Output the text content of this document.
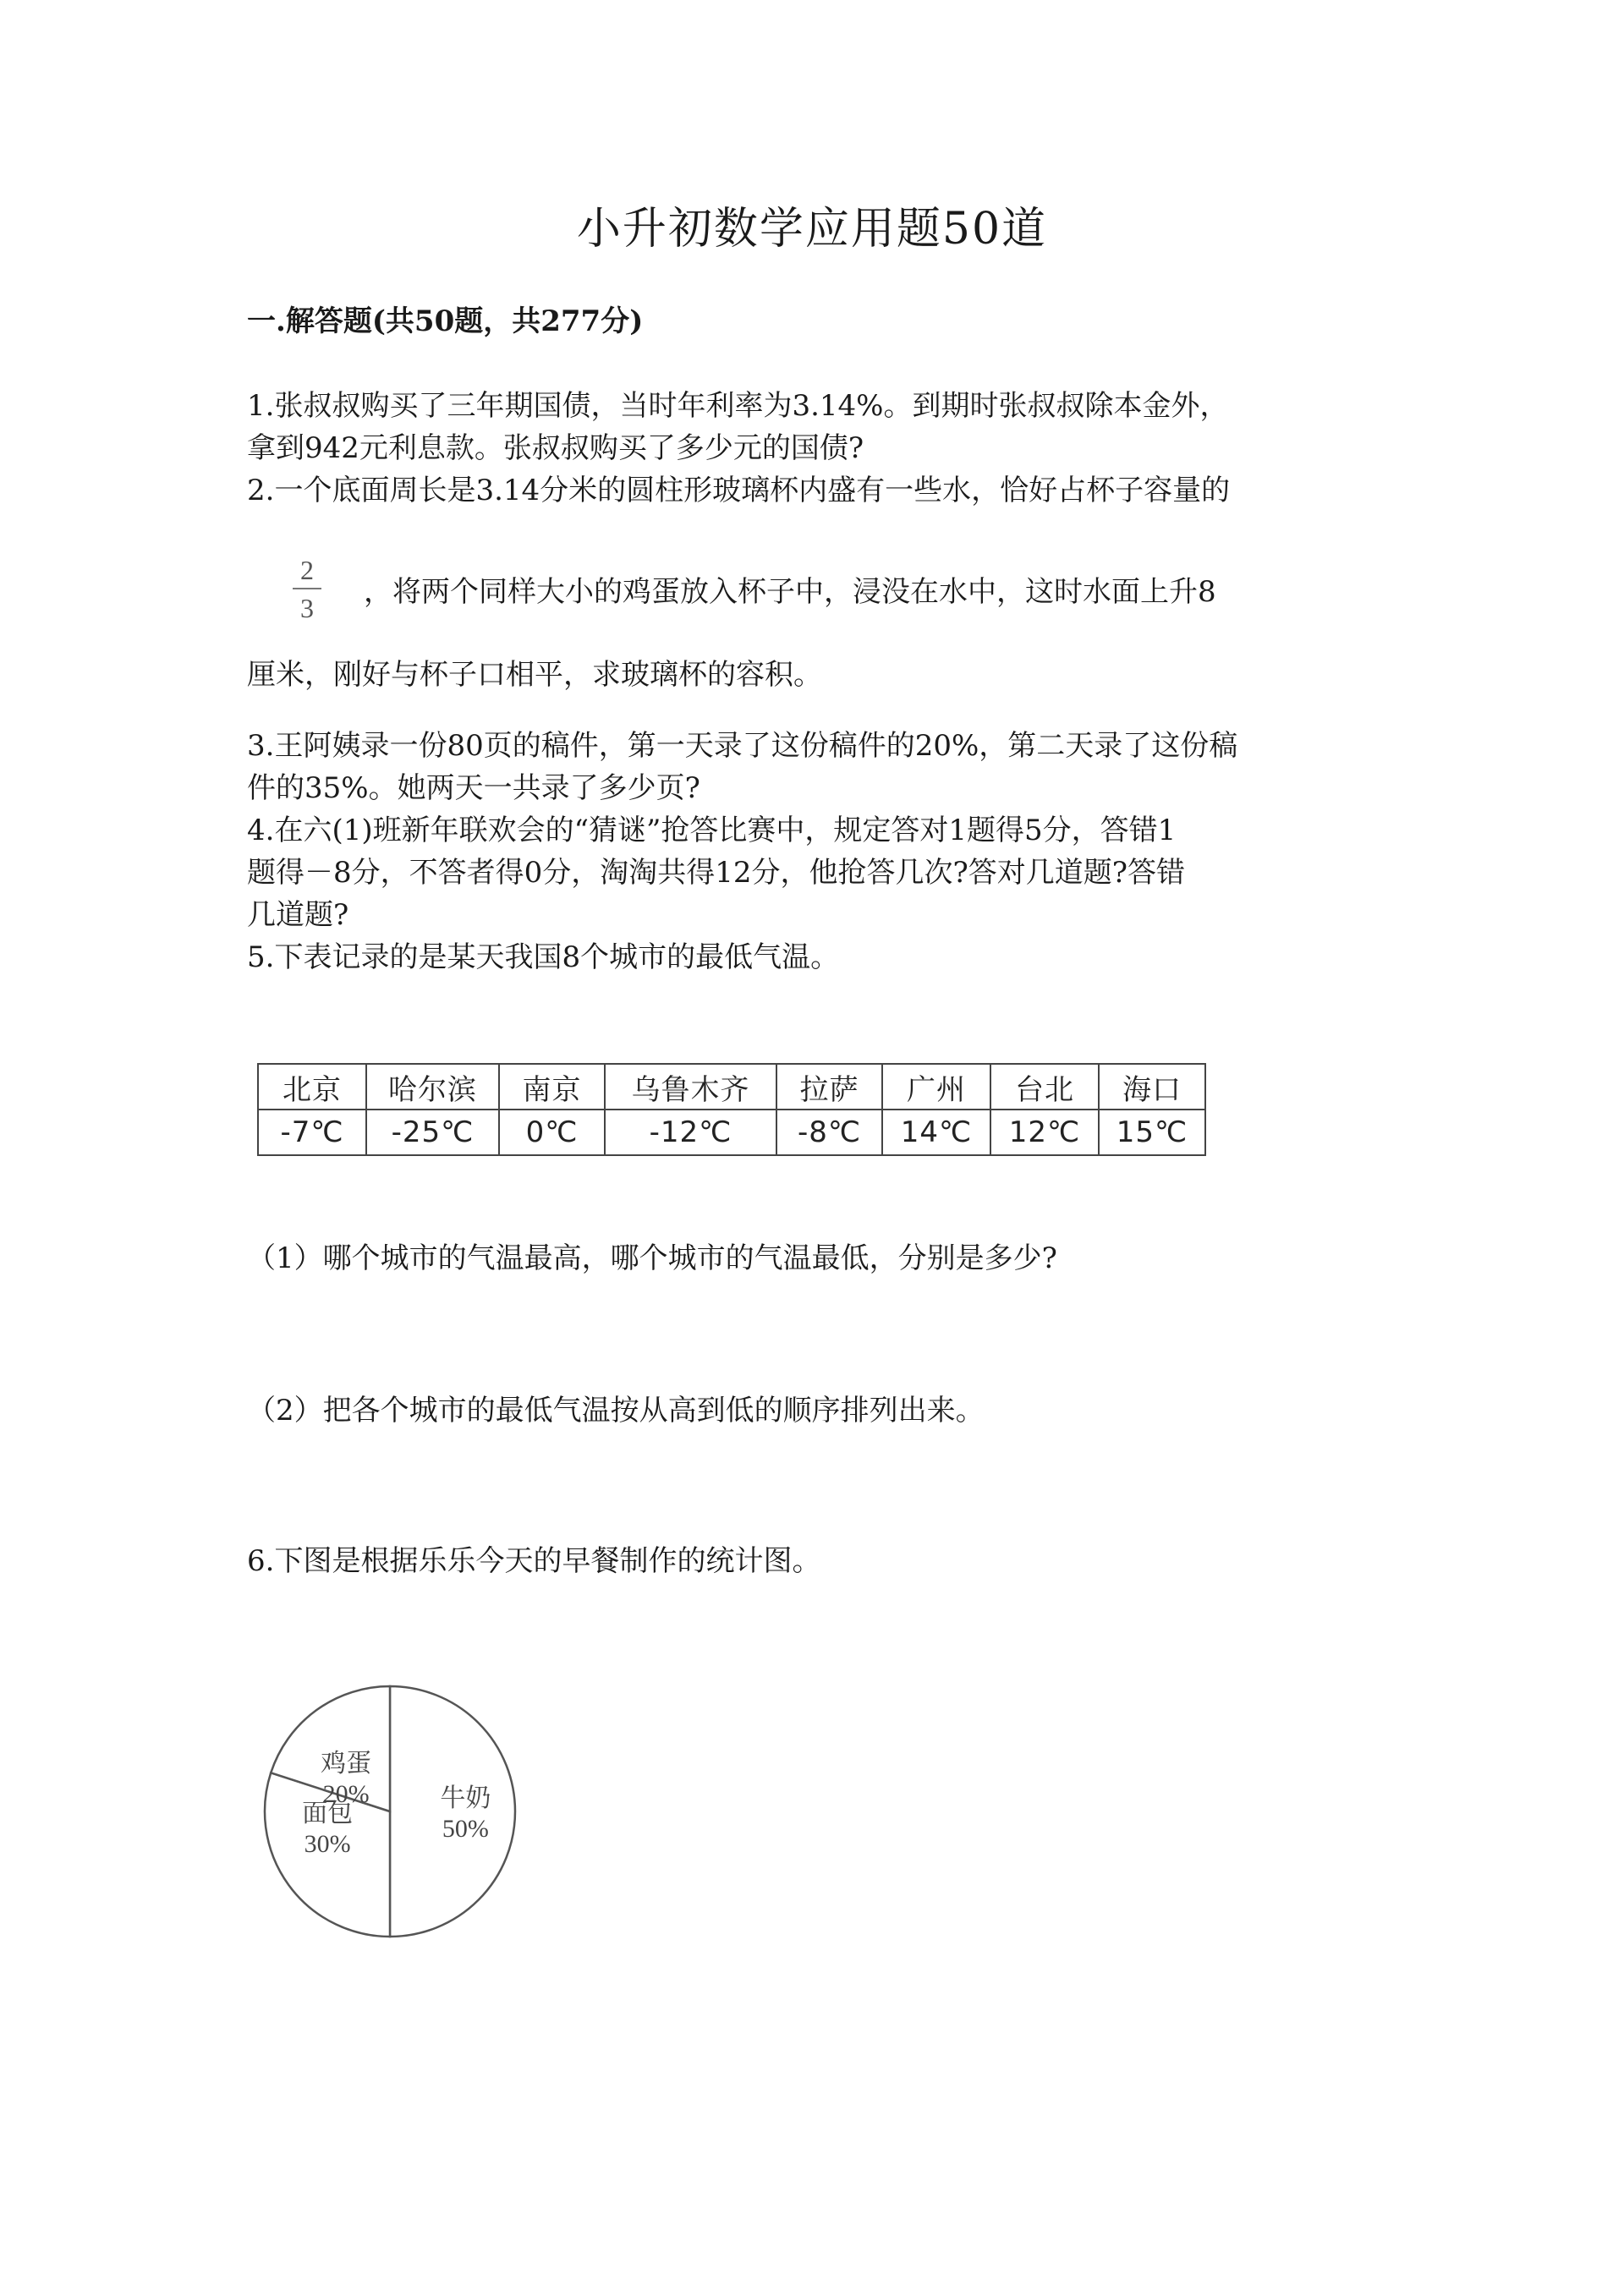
小升初数学应用题50道
一.解答题(共50题，共277分)
1.张叔叔购买了三年期国债，当时年利率为3.14%。到期时张叔叔除本金外，
拿到942元利息款。张叔叔购买了多少元的国债?
2.一个底面周长是3.14分米的圆柱形玻璃杯内盛有一些水，恰好占杯子容量的
2
3 ，将两个同样大小的鸡蛋放入杯子中，浸没在水中，这时水面上升8
厘米，刚好与杯子口相平，求玻璃杯的容积。
3.王阿姨录一份80页的稿件，第一天录了这份稿件的20%，第二天录了这份稿
件的35%。她两天一共录了多少页?
4.在六(1)班新年联欢会的“猜谜”抢答比赛中，规定答对1题得5分，答错1
题得－8分，不答者得0分，淘淘共得12分，他抢答几次?答对几道题?答错
几道题?
5.下表记录的是某天我国8个城市的最低气温。
北京	哈尔滨	南京	乌鲁木齐	拉萨	广州	台北	海口
-7℃	-25℃	0℃	-12℃	-8℃	14℃	12℃	15℃
（1）哪个城市的气温最高，哪个城市的气温最低，分别是多少?
（2）把各个城市的最低气温按从高到低的顺序排列出来。
6.下图是根据乐乐今天的早餐制作的统计图。
牛奶
50%
面包
30%
鸡蛋
20%
